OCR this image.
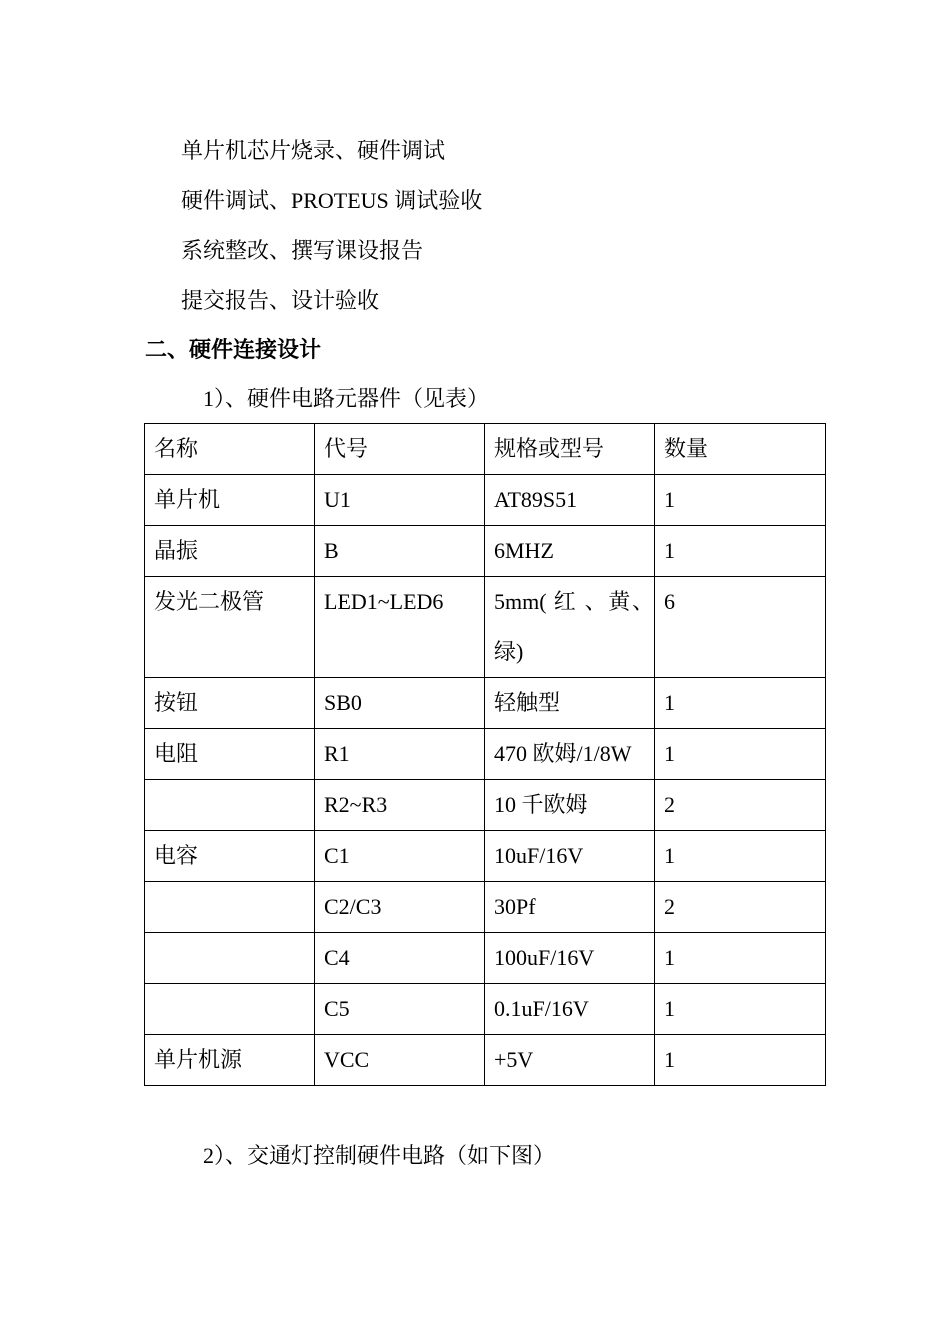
单片机芯片烧录、硬件调试
硬件调试、PROTEUS 调试验收
系统整改、撰写课设报告
提交报告、设计验收
二、硬件连接设计
1）、硬件电路元器件（见表）
名称	代号	规格或型号	数量
单片机	U1	AT89S51	1
晶振	B	6MHZ	1
发光二极管	LED1~LED6	5mm( 红 、黄、绿)	6
按钮	SB0	轻触型	1
电阻	R1	470 欧姆/1/8W	1
	R2~R3	10 千欧姆	2
电容	C1	10uF/16V	1
	C2/C3	30Pf	2
	C4	100uF/16V	1
	C5	0.1uF/16V	1
单片机源	VCC	+5V	1
2）、交通灯控制硬件电路（如下图）
